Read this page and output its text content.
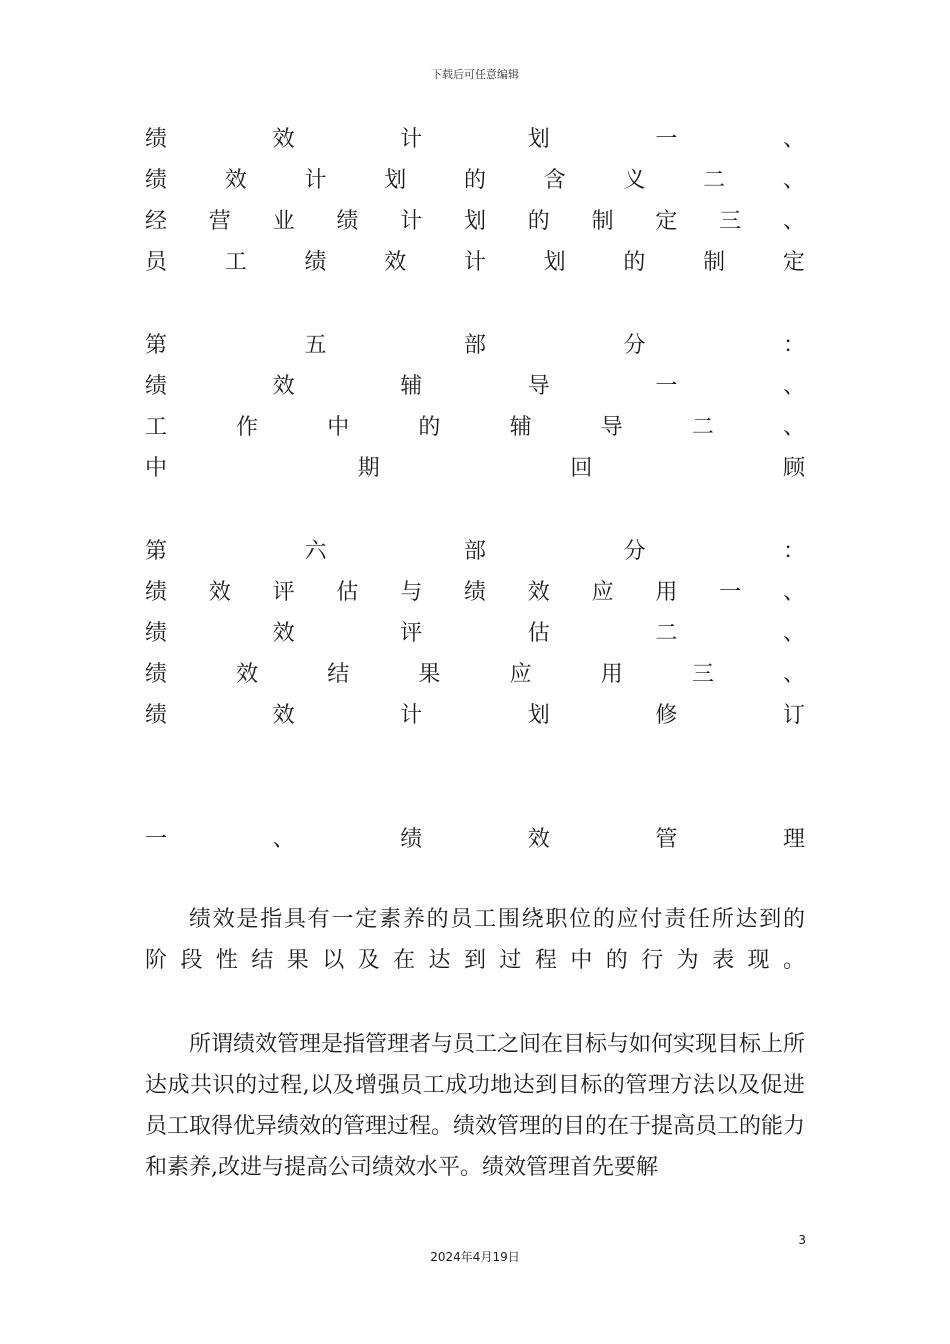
下载后可任意编辑
绩	效	计	划	一	、
绩	效	计	划	的	含	义	二	、
经 营 业 绩 计 划 的 制 定 三 、
员	工	绩	效	计	划	的	制	定
第	五	部	分	：
绩	效	辅	导	一	、
工	作	中	的	辅	导	二	、
中	期	回	顾
第	六	部	分	：
绩 效 评 估 与 绩 效 应 用 一 、
绩	效	评	估	二	、
绩	效	结	果	应	用	三	、
绩	效	计	划	修	订
一	、	绩	效	管	理

绩效是指具有一定素养的员工围绕职位的应付责任所达到的

阶段性结果以及在达到过程中的行为表现。

所谓绩效管理是指管理者与员工之间在目标与如何实现目标上所达成共识的过程,以及增强员工成功地达到目标的管理方法以及促进员工取得优异绩效的管理过程。绩效管理的目的在于提高员工的能力和素养,改进与提高公司绩效水平。绩效管理首先要解

3
2024年4月19日
